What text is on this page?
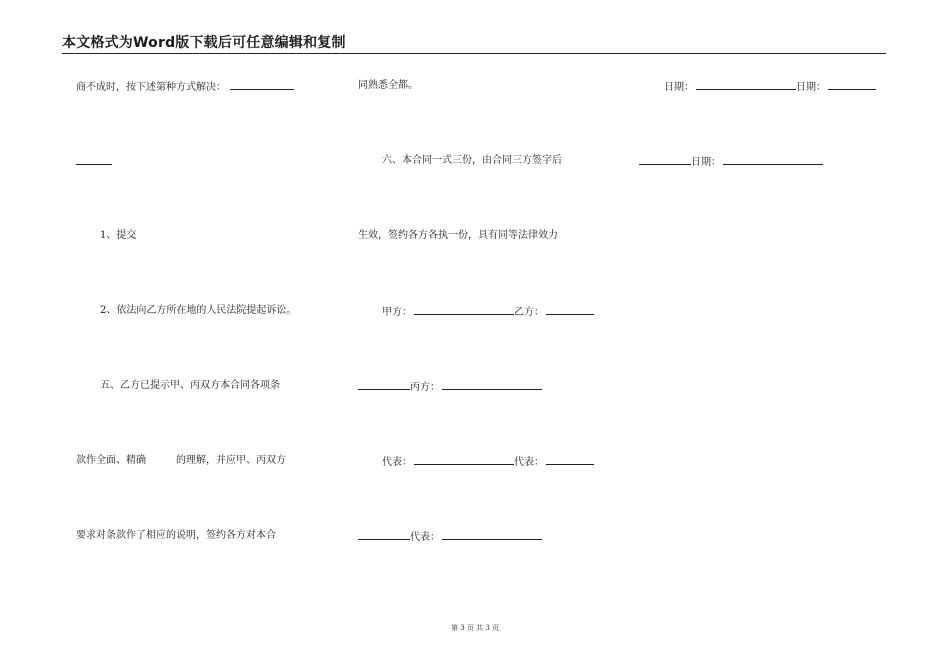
本文格式为Word版下载后可任意编辑和复制
商不成时，按下述第种方式解决：
1、提交
2、依法向乙方所在地的人民法院提起诉讼。
五、乙方已提示甲、丙双方本合同各项条
款作全面、精确	的理解，并应甲、丙双方
要求对条款作了相应的说明，签约各方对本合
同熟悉全都。
六、本合同一式三份，由合同三方签字后
生效，签约各方各执一份，具有同等法律效力
甲方：	乙方：
丙方：
代表：	代表：
代表：
日期：	日期：
日期：
第 3 页 共 3 页
